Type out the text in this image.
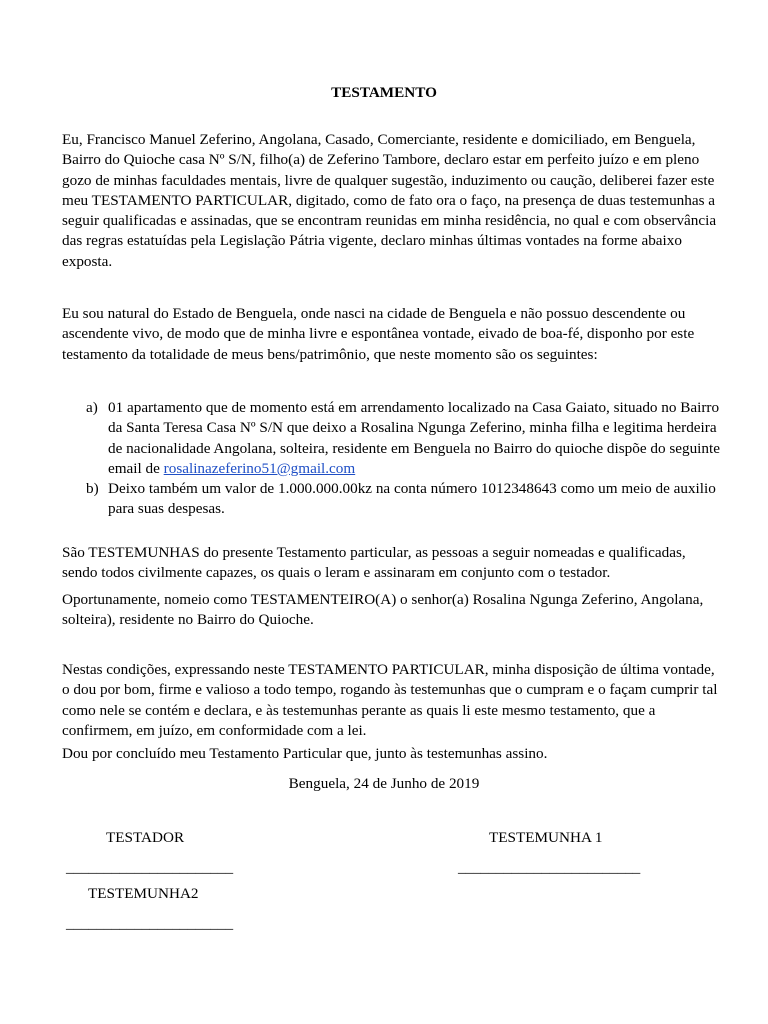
TESTAMENTO

Eu, Francisco Manuel Zeferino, Angolana, Casado, Comerciante, residente e domiciliado, em Benguela, Bairro do Quioche casa Nº S/N, filho(a) de Zeferino Tambore, declaro estar em perfeito juízo e em pleno gozo de minhas faculdades mentais, livre de qualquer sugestão, induzimento ou caução, deliberei fazer este meu TESTAMENTO PARTICULAR, digitado, como de fato ora o faço, na presença de duas testemunhas a seguir qualificadas e assinadas, que se encontram reunidas em minha residência, no qual e com observância das regras estatuídas pela Legislação Pátria vigente, declaro minhas últimas vontades na forme abaixo exposta.

Eu sou natural do Estado de Benguela, onde nasci na cidade de Benguela e não possuo descendente ou ascendente vivo, de modo que de minha livre e espontânea vontade, eivado de boa-fé, disponho por este testamento da totalidade de meus bens/patrimônio, que neste momento são os seguintes:

a) 01 apartamento que de momento está em arrendamento localizado na Casa Gaiato, situado no Bairro da Santa Teresa Casa Nº S/N que deixo a Rosalina Ngunga Zeferino, minha filha e legitima herdeira de nacionalidade Angolana, solteira, residente em Benguela no Bairro do quioche dispõe do seguinte email de rosalinazeferino51@gmail.com
b) Deixo também um valor de 1.000.000.00kz na conta número 1012348643 como um meio de auxilio para suas despesas.

São TESTEMUNHAS do presente Testamento particular, as pessoas a seguir nomeadas e qualificadas, sendo todos civilmente capazes, os quais o leram e assinaram em conjunto com o testador.

Oportunamente, nomeio como TESTAMENTEIRO(A) o senhor(a) Rosalina Ngunga Zeferino, Angolana, solteira), residente no Bairro do Quioche.

Nestas condições, expressando neste TESTAMENTO PARTICULAR, minha disposição de última vontade, o dou por bom, firme e valioso a todo tempo, rogando às testemunhas que o cumpram e o façam cumprir tal como nele se contém e declara, e às testemunhas perante as quais li este mesmo testamento, que a confirmem, em juízo, em conformidade com a lei.

Dou por concluído meu Testamento Particular que, junto às testemunhas assino.

Benguela, 24 de Junho de 2019
TESTADOR
______________________
TESTEMUNHA 1
________________________
TESTEMUNHA2
______________________
